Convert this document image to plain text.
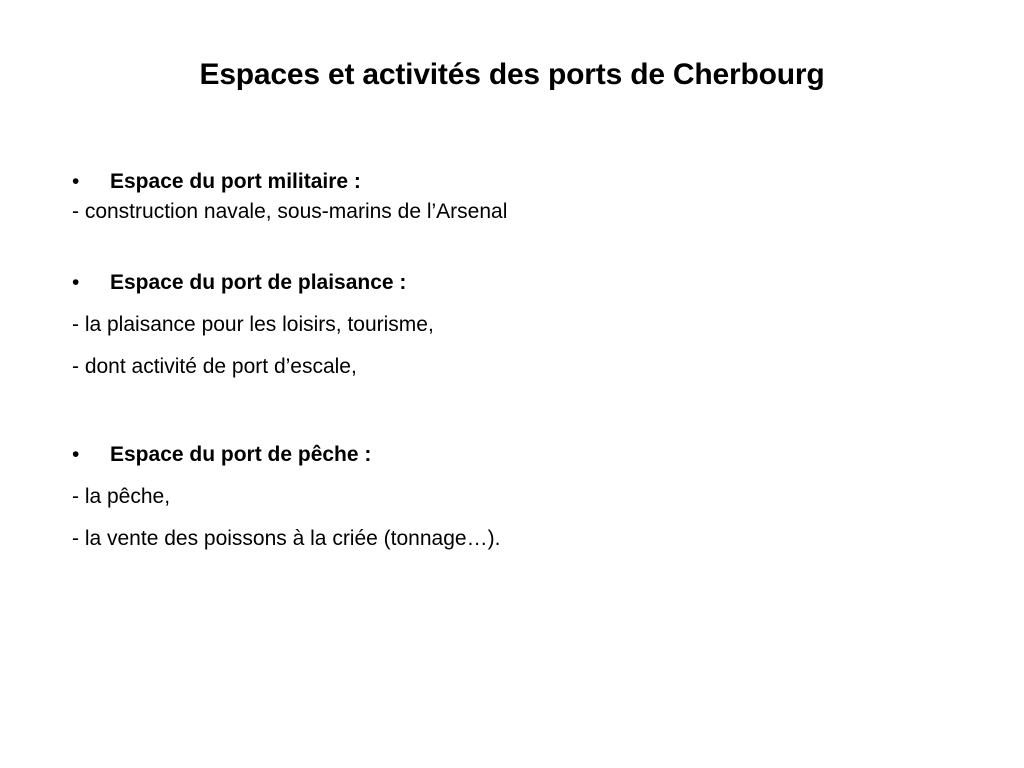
Espaces et activités des ports de Cherbourg
• Espace du port militaire :
- construction navale, sous-marins de l’Arsenal
• Espace du port de plaisance :
- la plaisance pour les loisirs, tourisme,
- dont activité de port d’escale,
• Espace du port de pêche :
- la pêche,
- la vente des poissons à la criée (tonnage…).
